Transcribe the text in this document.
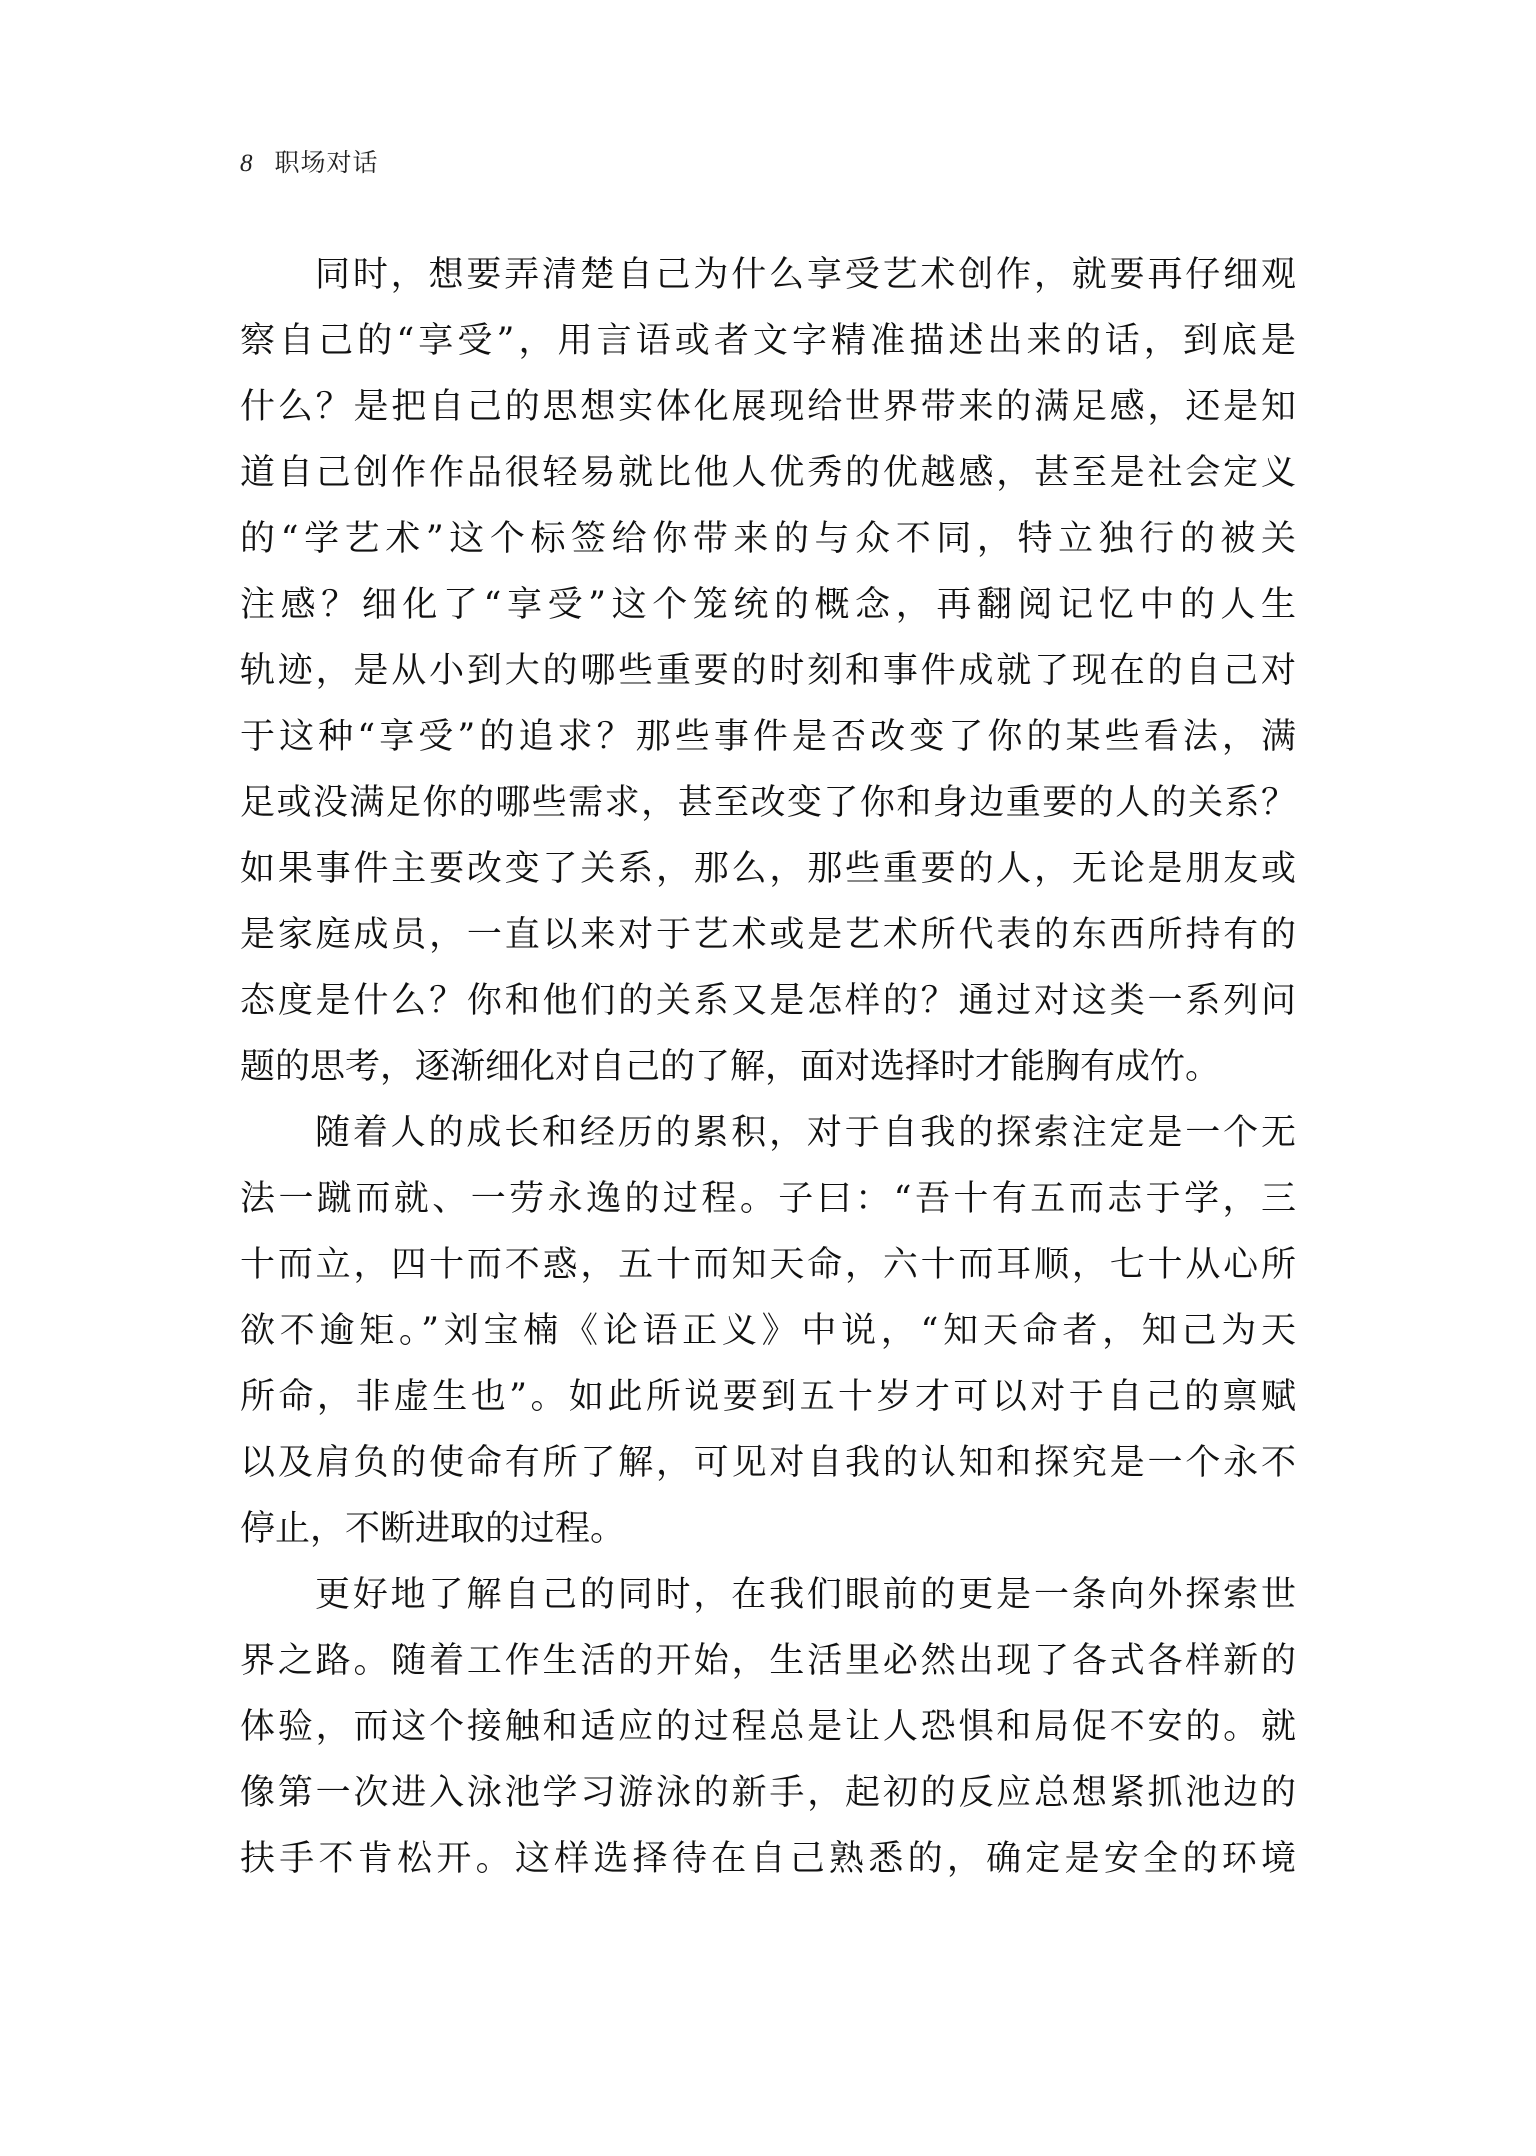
8 职场对话
同时，想要弄清楚自己为什么享受艺术创作，就要再仔细观
察自己的“享受”，用言语或者文字精准描述出来的话，到底是
什么？是把自己的思想实体化展现给世界带来的满足感，还是知
道自己创作作品很轻易就比他人优秀的优越感，甚至是社会定义
的“学艺术”这个标签给你带来的与众不同，特立独行的被关
注感？细化了“享受”这个笼统的概念，再翻阅记忆中的人生
轨迹，是从小到大的哪些重要的时刻和事件成就了现在的自己对
于这种“享受”的追求？那些事件是否改变了你的某些看法，满
足或没满足你的哪些需求，甚至改变了你和身边重要的人的关系？
如果事件主要改变了关系，那么，那些重要的人，无论是朋友或
是家庭成员，一直以来对于艺术或是艺术所代表的东西所持有的
态度是什么？你和他们的关系又是怎样的？通过对这类一系列问
题的思考，逐渐细化对自己的了解，面对选择时才能胸有成竹。
随着人的成长和经历的累积，对于自我的探索注定是一个无
法一蹴而就、一劳永逸的过程。子曰：“吾十有五而志于学，三
十而立，四十而不惑，五十而知天命，六十而耳顺，七十从心所
欲不逾矩。”刘宝楠《论语正义》中说，“知天命者，知己为天
所命，非虚生也”。如此所说要到五十岁才可以对于自己的禀赋
以及肩负的使命有所了解，可见对自我的认知和探究是一个永不
停止，不断进取的过程。
更好地了解自己的同时，在我们眼前的更是一条向外探索世
界之路。随着工作生活的开始，生活里必然出现了各式各样新的
体验，而这个接触和适应的过程总是让人恐惧和局促不安的。就
像第一次进入泳池学习游泳的新手，起初的反应总想紧抓池边的
扶手不肯松开。这样选择待在自己熟悉的，确定是安全的环境
